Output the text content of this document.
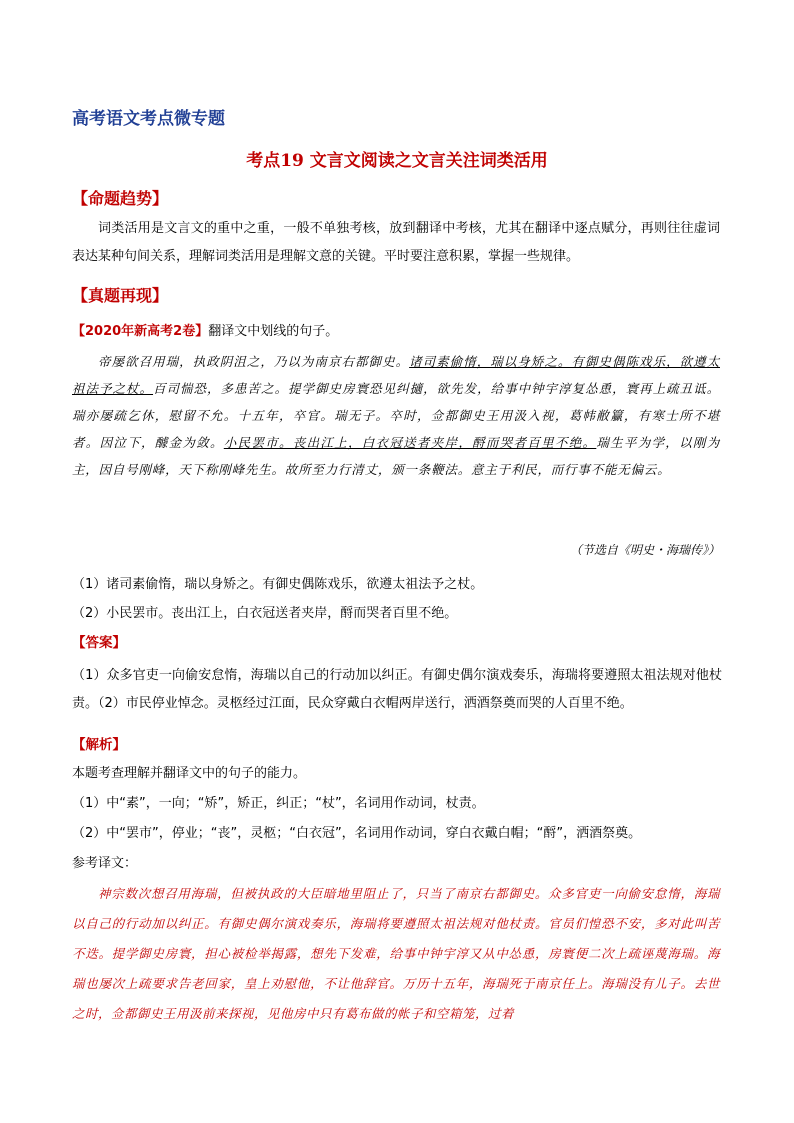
高考语文考点微专题
考点19 文言文阅读之文言关注词类活用
【命题趋势】
词类活用是文言文的重中之重，一般不单独考核，放到翻译中考核，尤其在翻译中逐点赋分，再则往往虚词表达某种句间关系，理解词类活用是理解文意的关键。平时要注意积累，掌握一些规律。
【真题再现】
【2020年新高考2卷】翻译文中划线的句子。
帝屡欲召用瑞，执政阴沮之，乃以为南京右都御史。诸司素偷惰，瑞以身矫之。有御史偶陈戏乐，欲遵太祖法予之杖。百司惴恐，多患苦之。提学御史房寰恐见纠擿，欲先发，给事中钟宇淳复怂恿，寰再上疏丑诋。瑞亦屡疏乞休，慰留不允。十五年，卒官。瑞无子。卒时，佥都御史王用汲入视，葛帏敝籯，有寒士所不堪者。因泣下，醵金为敛。小民罢市。丧出江上，白衣冠送者夹岸，酹而哭者百里不绝。瑞生平为学，以刚为主，因自号刚峰，天下称刚峰先生。故所至力行清丈，颁一条鞭法。意主于利民，而行事不能无偏云。
（节选自《明史・海瑞传》）
（1）诸司素偷惰，瑞以身矫之。有御史偶陈戏乐，欲遵太祖法予之杖。
（2）小民罢市。丧出江上，白衣冠送者夹岸，酹而哭者百里不绝。
【答案】
（1）众多官吏一向偷安怠惰，海瑞以自己的行动加以纠正。有御史偶尔演戏奏乐，海瑞将要遵照太祖法规对他杖责。（2）市民停业悼念。灵柩经过江面，民众穿戴白衣帽两岸送行，洒酒祭奠而哭的人百里不绝。
【解析】
本题考查理解并翻译文中的句子的能力。
（1）中“素”，一向；“矫”，矫正，纠正；“杖”，名词用作动词，杖责。
（2）中“罢市”，停业；“丧”，灵柩；“白衣冠”，名词用作动词，穿白衣戴白帽；“酹”，洒酒祭奠。
参考译文：
神宗数次想召用海瑞，但被执政的大臣暗地里阻止了，只当了南京右都御史。众多官吏一向偷安怠惰，海瑞以自己的行动加以纠正。有御史偶尔演戏奏乐，海瑞将要遵照太祖法规对他杖责。官员们惶恐不安，多对此叫苦不迭。提学御史房寰，担心被检举揭露，想先下发难，给事中钟宇淳又从中怂恿，房寰便二次上疏诬蔑海瑞。海瑞也屡次上疏要求告老回家，皇上劝慰他，不让他辞官。万历十五年，海瑞死于南京任上。海瑞没有儿子。去世之时，佥都御史王用汲前来探视，见他房中只有葛布做的帐子和空箱笼，过着
